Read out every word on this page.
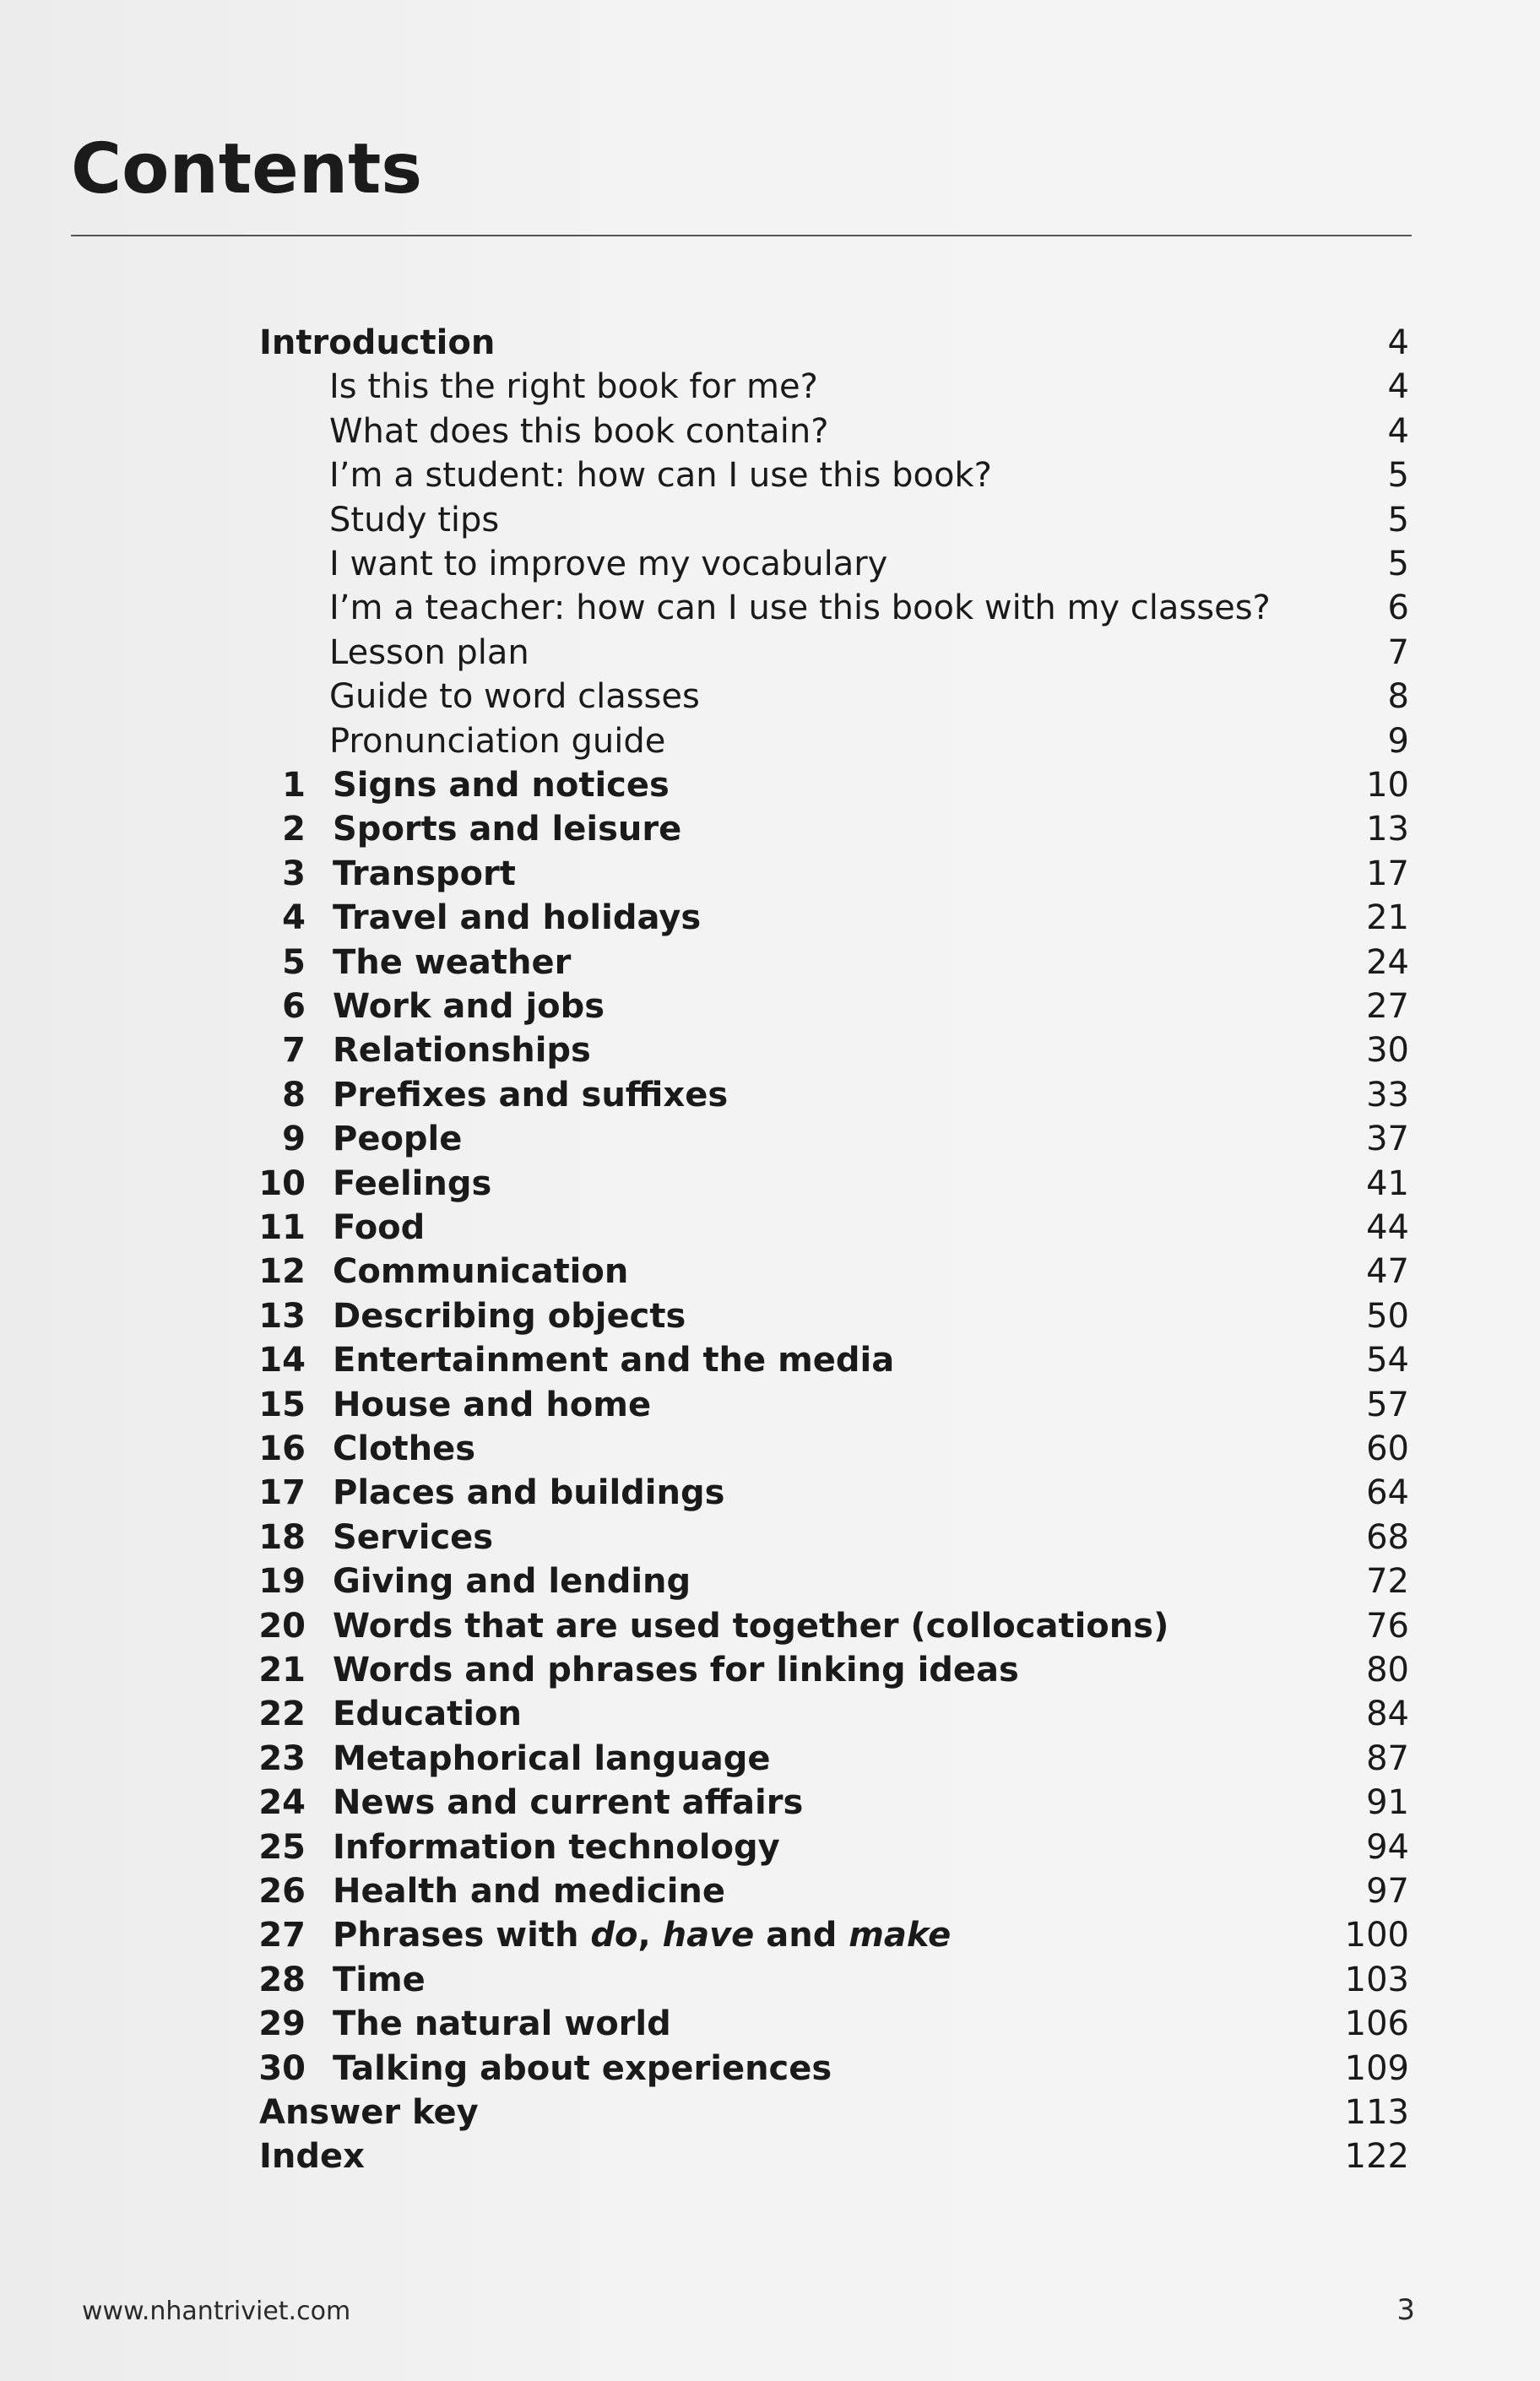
Contents
Introduction	4
Is this the right book for me?	4
What does this book contain?	4
I’m a student: how can I use this book?	5
Study tips	5
I want to improve my vocabulary	5
I’m a teacher: how can I use this book with my classes?	6
Lesson plan	7
Guide to word classes	8
Pronunciation guide	9
1 Signs and notices	10
2 Sports and leisure	13
3 Transport	17
4 Travel and holidays	21
5 The weather	24
6 Work and jobs	27
7 Relationships	30
8 Prefixes and suffixes	33
9 People	37
10 Feelings	41
11 Food	44
12 Communication	47
13 Describing objects	50
14 Entertainment and the media	54
15 House and home	57
16 Clothes	60
17 Places and buildings	64
18 Services	68
19 Giving and lending	72
20 Words that are used together (collocations)	76
21 Words and phrases for linking ideas	80
22 Education	84
23 Metaphorical language	87
24 News and current affairs	91
25 Information technology	94
26 Health and medicine	97
27 Phrases with do, have and make	100
28 Time	103
29 The natural world	106
30 Talking about experiences	109
Answer key	113
Index	122
www.nhantriviet.com	3
